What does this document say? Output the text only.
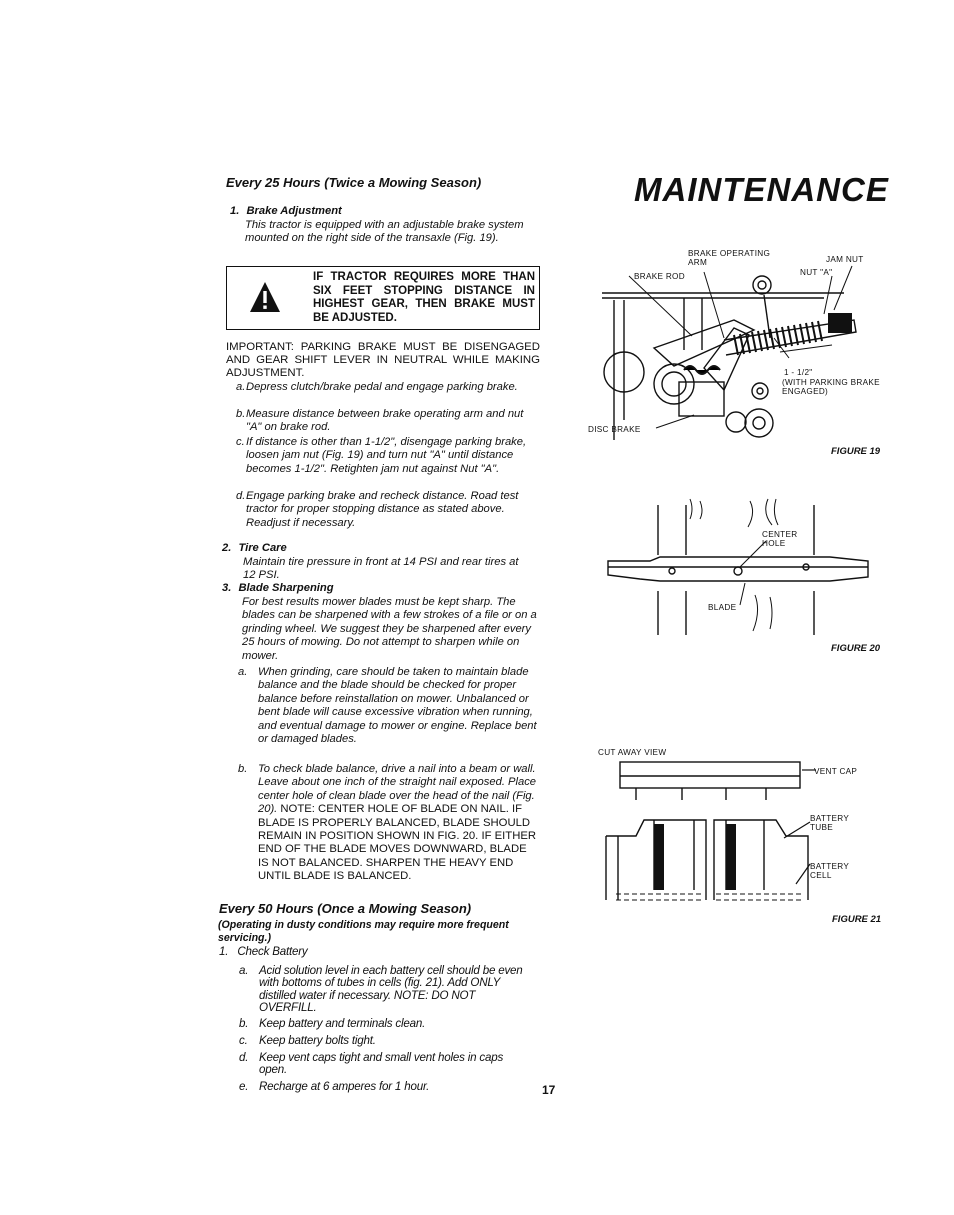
MAINTENANCE
Every 25 Hours (Twice a Mowing Season)
1. Brake Adjustment

This tractor is equipped with an adjustable brake system mounted on the right side of the transaxle (Fig. 19).

IF TRACTOR REQUIRES MORE THAN SIX FEET STOPPING DISTANCE IN HIGHEST GEAR, THEN BRAKE MUST BE ADJUSTED.

IMPORTANT: PARKING BRAKE MUST BE DISENGAGED AND GEAR SHIFT LEVER IN NEUTRAL WHILE MAKING ADJUSTMENT.

a. Depress clutch/brake pedal and engage parking brake.
b. Measure distance between brake operating arm and nut "A" on brake rod.
c. If distance is other than 1-1/2", disengage parking brake, loosen jam nut (Fig. 19) and turn nut "A" until distance becomes 1-1/2". Retighten jam nut against Nut "A".
d. Engage parking brake and recheck distance. Road test tractor for proper stopping distance as stated above. Readjust if necessary.
2. Tire Care

Maintain tire pressure in front at 14 PSI and rear tires at 12 PSI.

3. Blade Sharpening

For best results mower blades must be kept sharp. The blades can be sharpened with a few strokes of a file or on a grinding wheel. We suggest they be sharpened after every 25 hours of mowing. Do not attempt to sharpen while on mower.

a. When grinding, care should be taken to maintain blade balance and the blade should be checked for proper balance before reinstallation on mower. Unbalanced or bent blade will cause excessive vibration when running, and eventual damage to mower or engine. Replace bent or damaged blades.
b. To check blade balance, drive a nail into a beam or wall. Leave about one inch of the straight nail exposed. Place center hole of clean blade over the head of the nail (Fig. 20). NOTE: CENTER HOLE OF BLADE ON NAIL. IF BLADE IS PROPERLY BALANCED, BLADE SHOULD REMAIN IN POSITION SHOWN IN FIG. 20. IF EITHER END OF THE BLADE MOVES DOWNWARD, BLADE IS NOT BALANCED. SHARPEN THE HEAVY END UNTIL BLADE IS BALANCED.
Every 50 Hours (Once a Mowing Season)

(Operating in dusty conditions may require more frequent servicing.)

1. Check Battery
a. Acid solution level in each battery cell should be even with bottoms of tubes in cells (fig. 21). Add ONLY distilled water if necessary. NOTE: DO NOT OVERFILL.
b. Keep battery and terminals clean.
c. Keep battery bolts tight.
d. Keep vent caps tight and small vent holes in caps open.
e. Recharge at 6 amperes for 1 hour.	17
BRAKE OPERATING ARM	JAM NUT
BRAKE ROD	NUT "A"
1 - 1/2"
(WITH PARKING BRAKE ENGAGED)
DISC BRAKE
FIGURE 19
CENTER HOLE
BLADE
FIGURE 20
CUT AWAY VIEW
VENT CAP
BATTERY TUBE
BATTERY CELL
FIGURE 21
